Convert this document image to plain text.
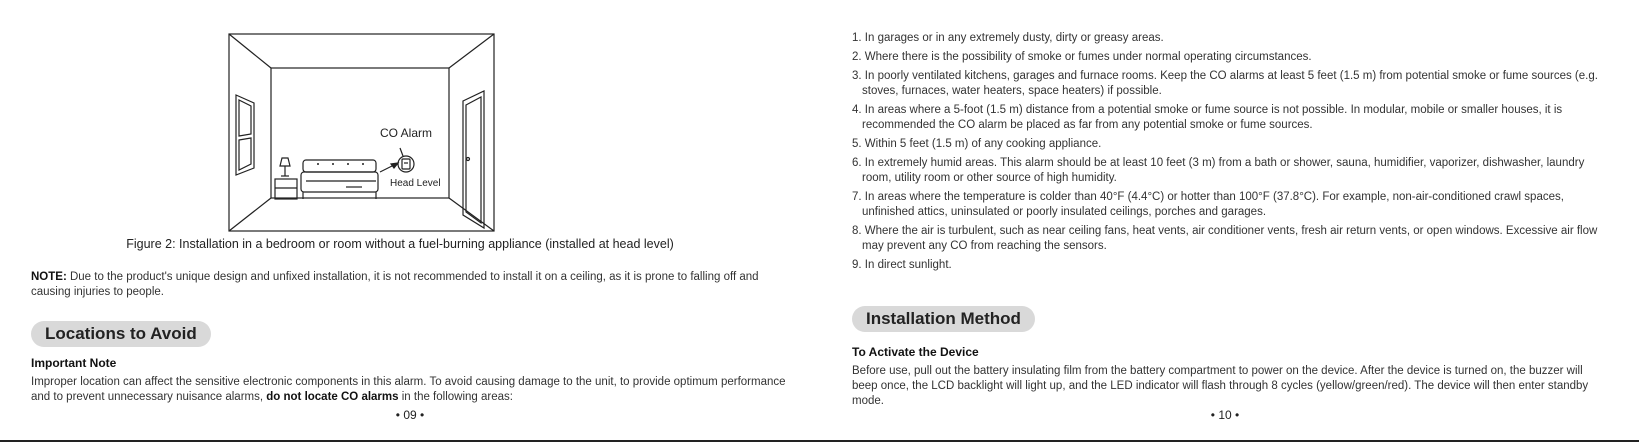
CO Alarm
Head Level
Figure 2: Installation in a bedroom or room without a fuel-burning appliance (installed at head level)
NOTE: Due to the product's unique design and unfixed installation, it is not recommended to install it on a ceiling, as it is prone to falling off and causing injuries to people.
Locations to Avoid
Important Note
Improper location can affect the sensitive electronic components in this alarm. To avoid causing damage to the unit, to provide optimum performance and to prevent unnecessary nuisance alarms, do not locate CO alarms in the following areas:
• 09 •
1. In garages or in any extremely dusty, dirty or greasy areas.
2. Where there is the possibility of smoke or fumes under normal operating circumstances.
3. In poorly ventilated kitchens, garages and furnace rooms. Keep the CO alarms at least 5 feet (1.5 m) from potential smoke or fume sources (e.g. stoves, furnaces, water heaters, space heaters) if possible.
4. In areas where a 5-foot (1.5 m) distance from a potential smoke or fume source is not possible. In modular, mobile or smaller houses, it is recommended the CO alarm be placed as far from any potential smoke or fume sources.
5. Within 5 feet (1.5 m) of any cooking appliance.
6. In extremely humid areas. This alarm should be at least 10 feet (3 m) from a bath or shower, sauna, humidifier, vaporizer, dishwasher, laundry room, utility room or other source of high humidity.
7. In areas where the temperature is colder than 40°F (4.4°C) or hotter than 100°F (37.8°C). For example, non-air-conditioned crawl spaces, unfinished attics, uninsulated or poorly insulated ceilings, porches and garages.
8. Where the air is turbulent, such as near ceiling fans, heat vents, air conditioner vents, fresh air return vents, or open windows. Excessive air flow may prevent any CO from reaching the sensors.
9. In direct sunlight.
Installation Method
To Activate the Device
Before use, pull out the battery insulating film from the battery compartment to power on the device. After the device is turned on, the buzzer will beep once, the LCD backlight will light up, and the LED indicator will flash through 8 cycles (yellow/green/red). The device will then enter standby mode.
• 10 •
